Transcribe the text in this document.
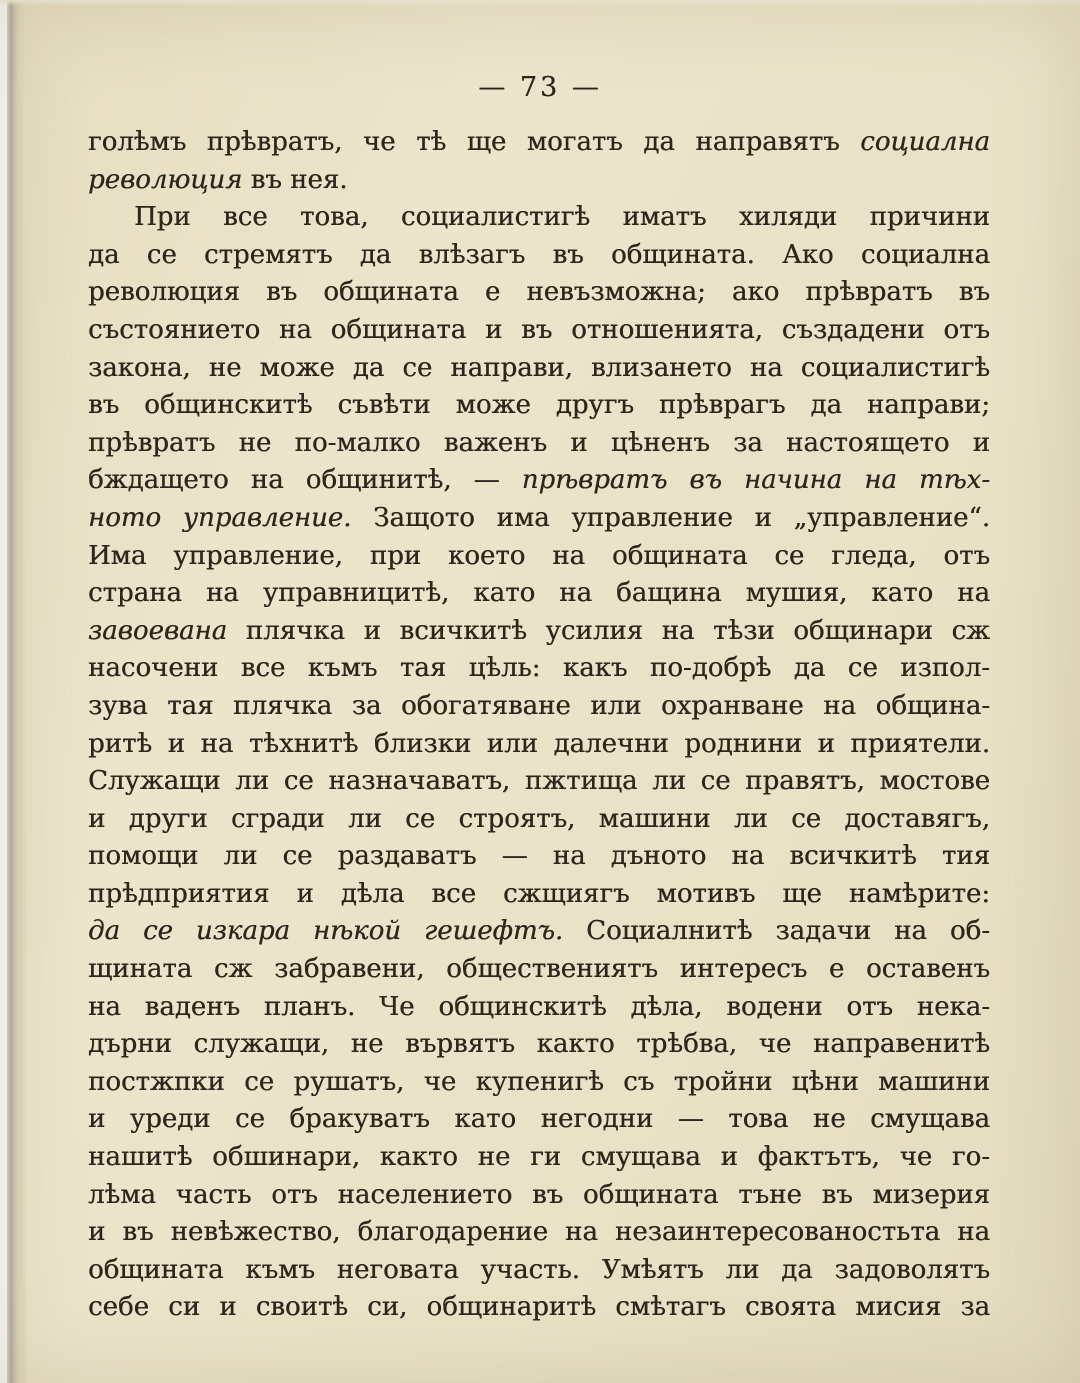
— 73 —
голѣмъ прѣвратъ, че тѣ ще могатъ да направятъ социална
революция въ нея.
При все това, социалистигѣ иматъ хиляди причини
да се стремятъ да влѣзагъ въ общината. Ако социална
революция въ общината е невъзможна; ако прѣвратъ въ
състоянието на общината и въ отношенията, създадени отъ
закона, не може да се направи, влизането на социалистигѣ
въ общинскитѣ съвѣти може другъ прѣврагъ да направи;
прѣвратъ не по-малко важенъ и цѣненъ за настоящето и
бждащето на общинитѣ, — прѣвратъ въ начина на тѣх-
ното управление. Защото има управление и „управление“.
Има управление, при което на общината се гледа, отъ
страна на управницитѣ, като на бащина мушия, като на
завоевана плячка и всичкитѣ усилия на тѣзи общинари сж
насочени все къмъ тая цѣль: какъ по-добрѣ да се изпол-
зува тая плячка за обогатяване или охранване на община-
ритѣ и на тѣхнитѣ близки или далечни роднини и приятели.
Служащи ли се назначаватъ, пжтища ли се правятъ, мостове
и други сгради ли се строятъ, машини ли се доставягъ,
помощи ли се раздаватъ — на дъното на всичкитѣ тия
прѣдприятия и дѣла все сжщиягъ мотивъ ще намѣрите:
да се изкара нѣкой гешефтъ. Социалнитѣ задачи на об-
щината сж забравени, обществениятъ интересъ е оставенъ
на ваденъ планъ. Че общинскитѣ дѣла, водени отъ нека-
дърни служащи, не вървятъ както трѣбва, че направенитѣ
постжпки се рушатъ, че купенигѣ съ тройни цѣни машини
и уреди се бракуватъ като негодни — това не смущава
нашитѣ обшинари, както не ги смущава и фактътъ, че го-
лѣма часть отъ населението въ общината тъне въ мизерия
и въ невѣжество, благодарение на незаинтересованостьта на
общината къмъ неговата участь. Умѣятъ ли да задоволятъ
себе си и своитѣ си, общинаритѣ смѣтагъ своята мисия за
